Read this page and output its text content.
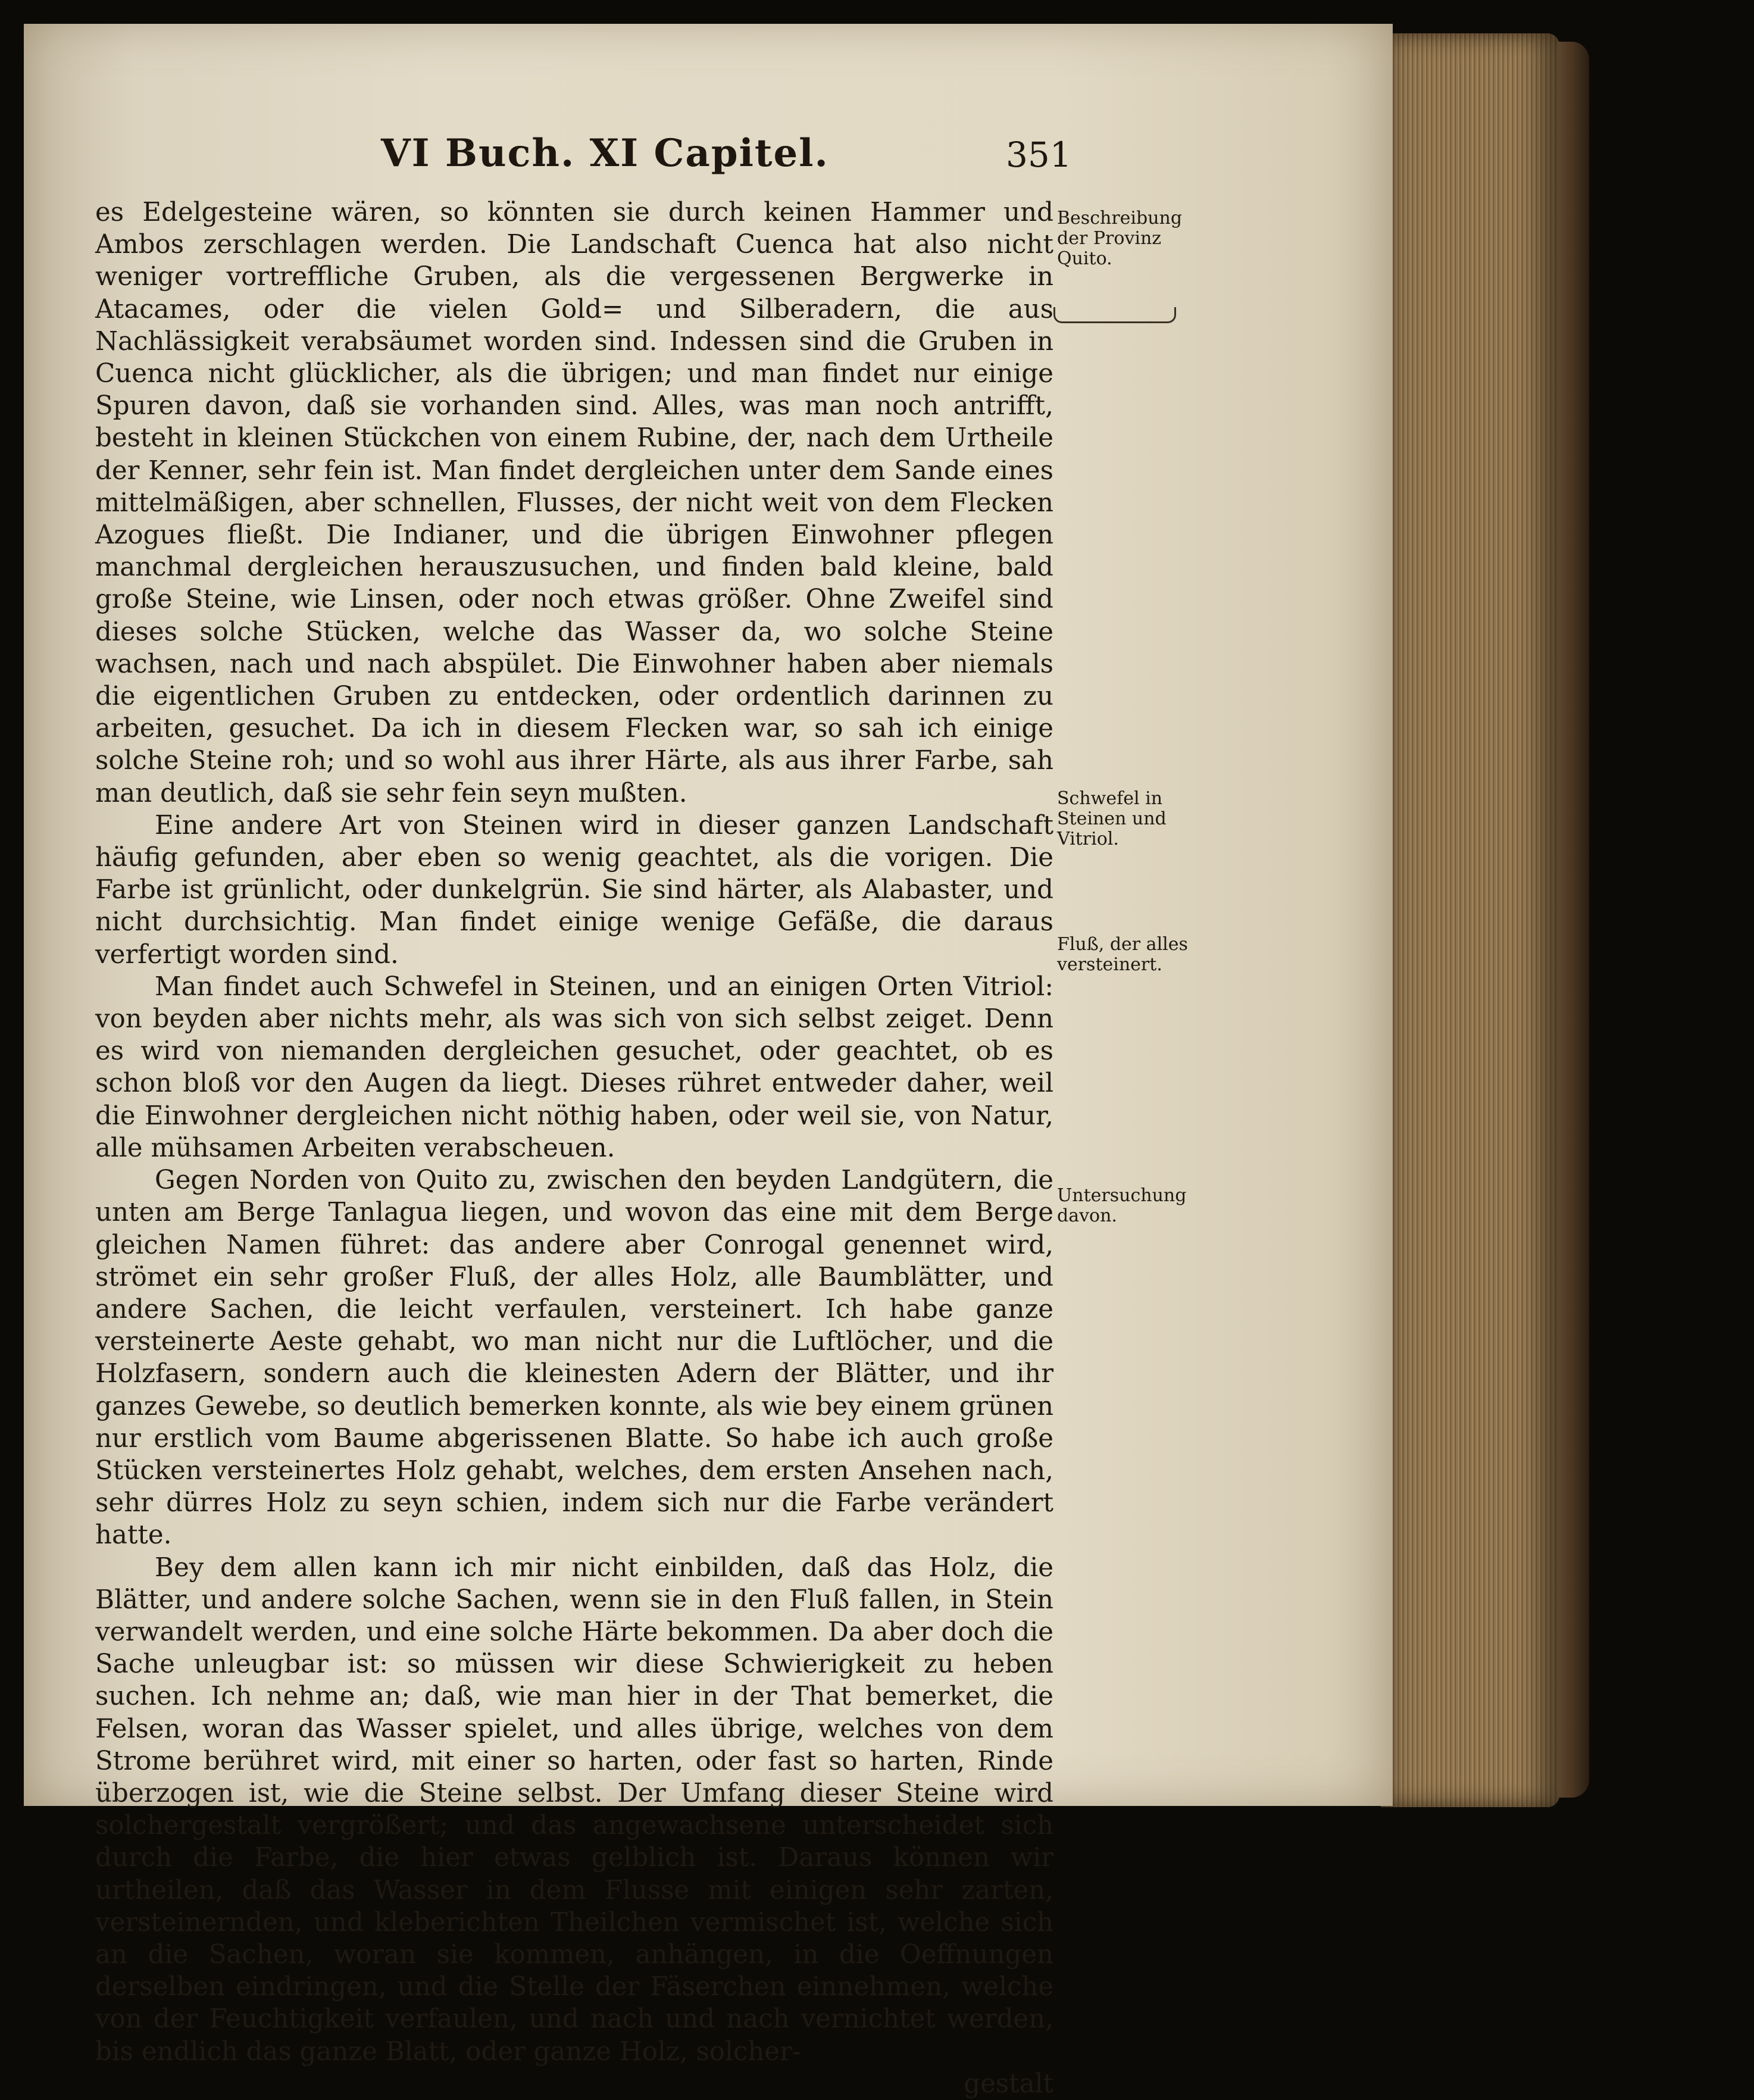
VI Buch. XI Capitel.	351

es Edelgesteine wären, so könnten sie durch keinen Hammer und Ambos zerschlagen werden. Die Landschaft Cuenca hat also nicht weniger vortreffliche Gruben, als die vergessenen Bergwerke in Atacames, oder die vielen Gold= und Silberadern, die aus Nachlässigkeit verabsäumet worden sind. Indessen sind die Gruben in Cuenca nicht glücklicher, als die übrigen; und man findet nur einige Spuren davon, daß sie vorhanden sind. Alles, was man noch antrifft, besteht in kleinen Stückchen von einem Rubine, der, nach dem Urtheile der Kenner, sehr fein ist. Man findet dergleichen unter dem Sande eines mittelmäßigen, aber schnellen, Flusses, der nicht weit von dem Flecken Azogues fließt. Die Indianer, und die übrigen Einwohner pflegen manchmal dergleichen herauszusuchen, und finden bald kleine, bald große Steine, wie Linsen, oder noch etwas größer. Ohne Zweifel sind dieses solche Stücken, welche das Wasser da, wo solche Steine wachsen, nach und nach abspület. Die Einwohner haben aber niemals die eigentlichen Gruben zu entdecken, oder ordentlich darinnen zu arbeiten, gesuchet. Da ich in diesem Flecken war, so sah ich einige solche Steine roh; und so wohl aus ihrer Härte, als aus ihrer Farbe, sah man deutlich, daß sie sehr fein seyn mußten.

Eine andere Art von Steinen wird in dieser ganzen Landschaft häufig gefunden, aber eben so wenig geachtet, als die vorigen. Die Farbe ist grünlicht, oder dunkelgrün. Sie sind härter, als Alabaster, und nicht durchsichtig. Man findet einige wenige Gefäße, die daraus verfertigt worden sind.

Man findet auch Schwefel in Steinen, und an einigen Orten Vitriol: von beyden aber nichts mehr, als was sich von sich selbst zeiget. Denn es wird von niemanden dergleichen gesuchet, oder geachtet, ob es schon bloß vor den Augen da liegt. Dieses rühret entweder daher, weil die Einwohner dergleichen nicht nöthig haben, oder weil sie, von Natur, alle mühsamen Arbeiten verabscheuen.

Gegen Norden von Quito zu, zwischen den beyden Landgütern, die unten am Berge Tanlagua liegen, und wovon das eine mit dem Berge gleichen Namen führet: das andere aber Conrogal genennet wird, strömet ein sehr großer Fluß, der alles Holz, alle Baumblätter, und andere Sachen, die leicht verfaulen, versteinert. Ich habe ganze versteinerte Aeste gehabt, wo man nicht nur die Luftlöcher, und die Holzfasern, sondern auch die kleinesten Adern der Blätter, und ihr ganzes Gewebe, so deutlich bemerken konnte, als wie bey einem grünen nur erstlich vom Baume abgerissenen Blatte. So habe ich auch große Stücken versteinertes Holz gehabt, welches, dem ersten Ansehen nach, sehr dürres Holz zu seyn schien, indem sich nur die Farbe verändert hatte.

Bey dem allen kann ich mir nicht einbilden, daß das Holz, die Blätter, und andere solche Sachen, wenn sie in den Fluß fallen, in Stein verwandelt werden, und eine solche Härte bekommen. Da aber doch die Sache unleugbar ist: so müssen wir diese Schwierigkeit zu heben suchen. Ich nehme an; daß, wie man hier in der That bemerket, die Felsen, woran das Wasser spielet, und alles übrige, welches von dem Strome berühret wird, mit einer so harten, oder fast so harten, Rinde überzogen ist, wie die Steine selbst. Der Umfang dieser Steine wird solchergestalt vergrößert; und das angewachsene unterscheidet sich durch die Farbe, die hier etwas gelblich ist. Daraus können wir urtheilen, daß das Wasser in dem Flusse mit einigen sehr zarten, versteinernden, und kleberichten Theilchen vermischet ist, welche sich an die Sachen, woran sie kommen, anhängen, in die Oeffnungen derselben eindringen, und die Stelle der Fäserchen einnehmen, welche von der Feuchtigkeit verfaulen, und nach und nach vernichtet werden, bis endlich das ganze Blatt, oder ganze Holz, solcher-

gestalt

Beschreibung der Provinz Quito.
Schwefel in Steinen und Vitriol.
Fluß, der alles versteinert.
Untersuchung davon.
